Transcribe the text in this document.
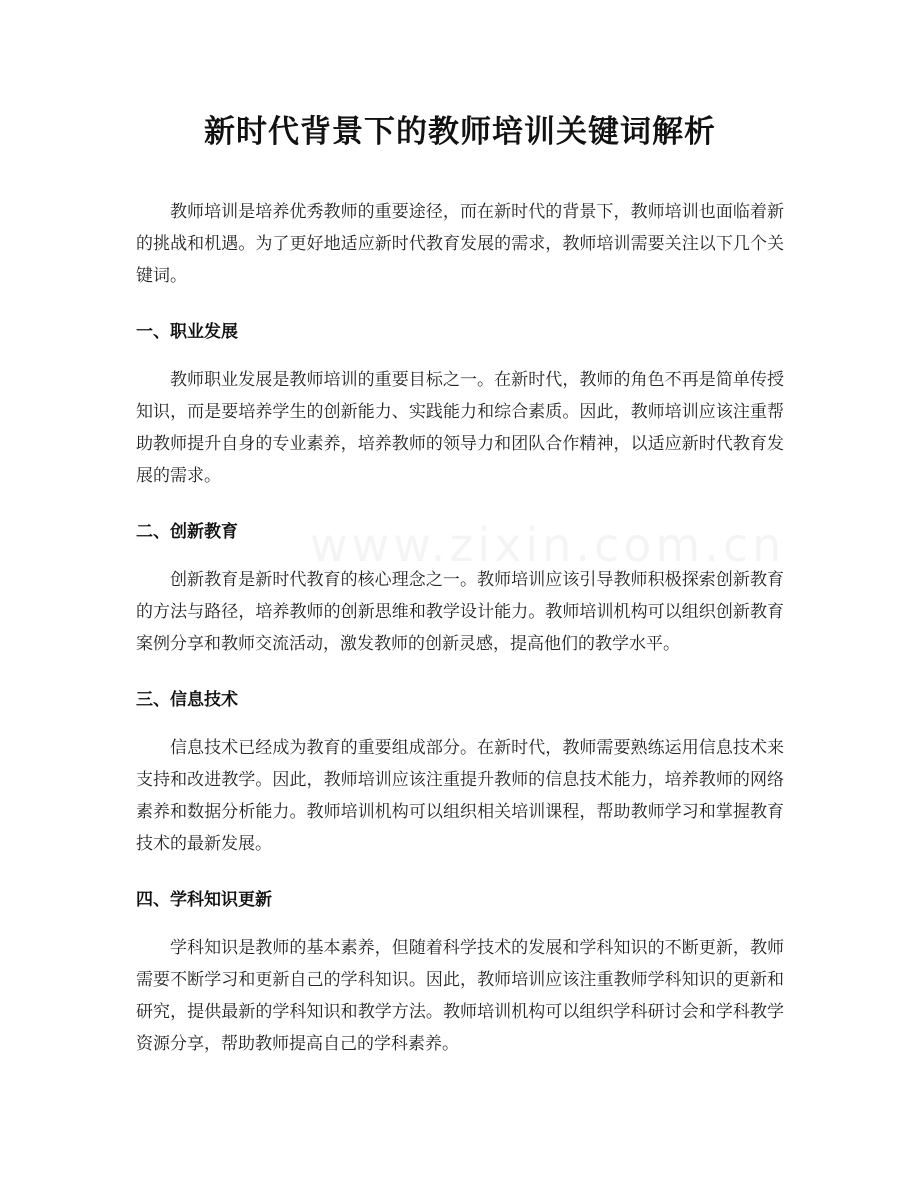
新时代背景下的教师培训关键词解析

教师培训是培养优秀教师的重要途径，而在新时代的背景下，教师培训也面临着新的挑战和机遇。为了更好地适应新时代教育发展的需求，教师培训需要关注以下几个关键词。

一、职业发展

教师职业发展是教师培训的重要目标之一。在新时代，教师的角色不再是简单传授知识，而是要培养学生的创新能力、实践能力和综合素质。因此，教师培训应该注重帮助教师提升自身的专业素养，培养教师的领导力和团队合作精神，以适应新时代教育发展的需求。

二、创新教育

创新教育是新时代教育的核心理念之一。教师培训应该引导教师积极探索创新教育的方法与路径，培养教师的创新思维和教学设计能力。教师培训机构可以组织创新教育案例分享和教师交流活动，激发教师的创新灵感，提高他们的教学水平。

三、信息技术

信息技术已经成为教育的重要组成部分。在新时代，教师需要熟练运用信息技术来支持和改进教学。因此，教师培训应该注重提升教师的信息技术能力，培养教师的网络素养和数据分析能力。教师培训机构可以组织相关培训课程，帮助教师学习和掌握教育技术的最新发展。

四、学科知识更新

学科知识是教师的基本素养，但随着科学技术的发展和学科知识的不断更新，教师需要不断学习和更新自己的学科知识。因此，教师培训应该注重教师学科知识的更新和研究，提供最新的学科知识和教学方法。教师培训机构可以组织学科研讨会和学科教学资源分享，帮助教师提高自己的学科素养。
